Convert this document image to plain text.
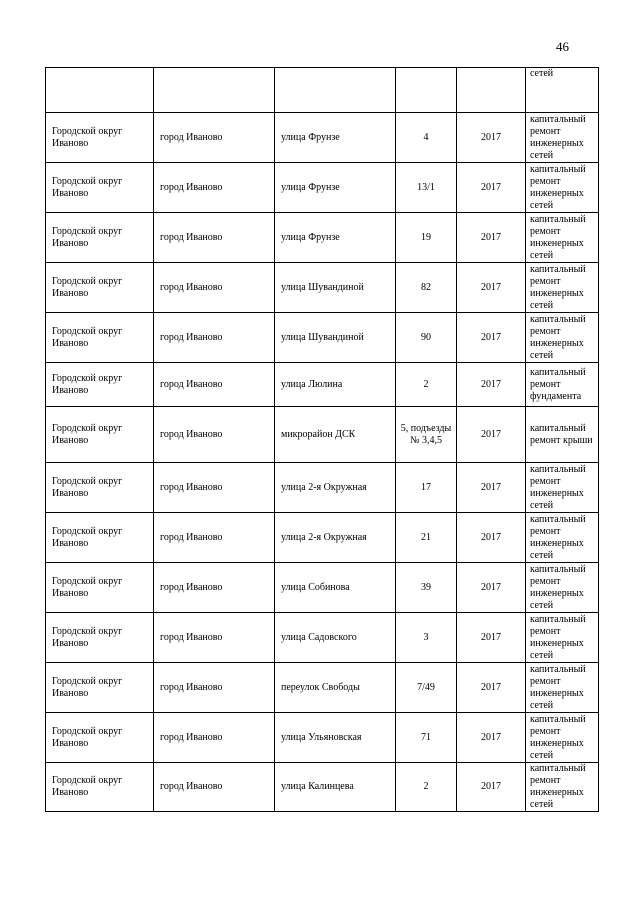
46
					сетей
Городской округ Иваново	город Иваново	улица Фрунзе	4	2017	капитальный ремонт инженерных сетей
Городской округ Иваново	город Иваново	улица Фрунзе	13/1	2017	капитальный ремонт инженерных сетей
Городской округ Иваново	город Иваново	улица Фрунзе	19	2017	капитальный ремонт инженерных сетей
Городской округ Иваново	город Иваново	улица Шувандиной	82	2017	капитальный ремонт инженерных сетей
Городской округ Иваново	город Иваново	улица Шувандиной	90	2017	капитальный ремонт инженерных сетей
Городской округ Иваново	город Иваново	улица Люлина	2	2017	капитальный ремонт фундамента
Городской округ Иваново	город Иваново	микрорайон ДСК	5, подъезды № 3,4,5	2017	капитальный ремонт крыши
Городской округ Иваново	город Иваново	улица 2-я Окружная	17	2017	капитальный ремонт инженерных сетей
Городской округ Иваново	город Иваново	улица 2-я Окружная	21	2017	капитальный ремонт инженерных сетей
Городской округ Иваново	город Иваново	улица Собинова	39	2017	капитальный ремонт инженерных сетей
Городской округ Иваново	город Иваново	улица Садовского	3	2017	капитальный ремонт инженерных сетей
Городской округ Иваново	город Иваново	переулок Свободы	7/49	2017	капитальный ремонт инженерных сетей
Городской округ Иваново	город Иваново	улица Ульяновская	71	2017	капитальный ремонт инженерных сетей
Городской округ Иваново	город Иваново	улица Калинцева	2	2017	капитальный ремонт инженерных сетей
